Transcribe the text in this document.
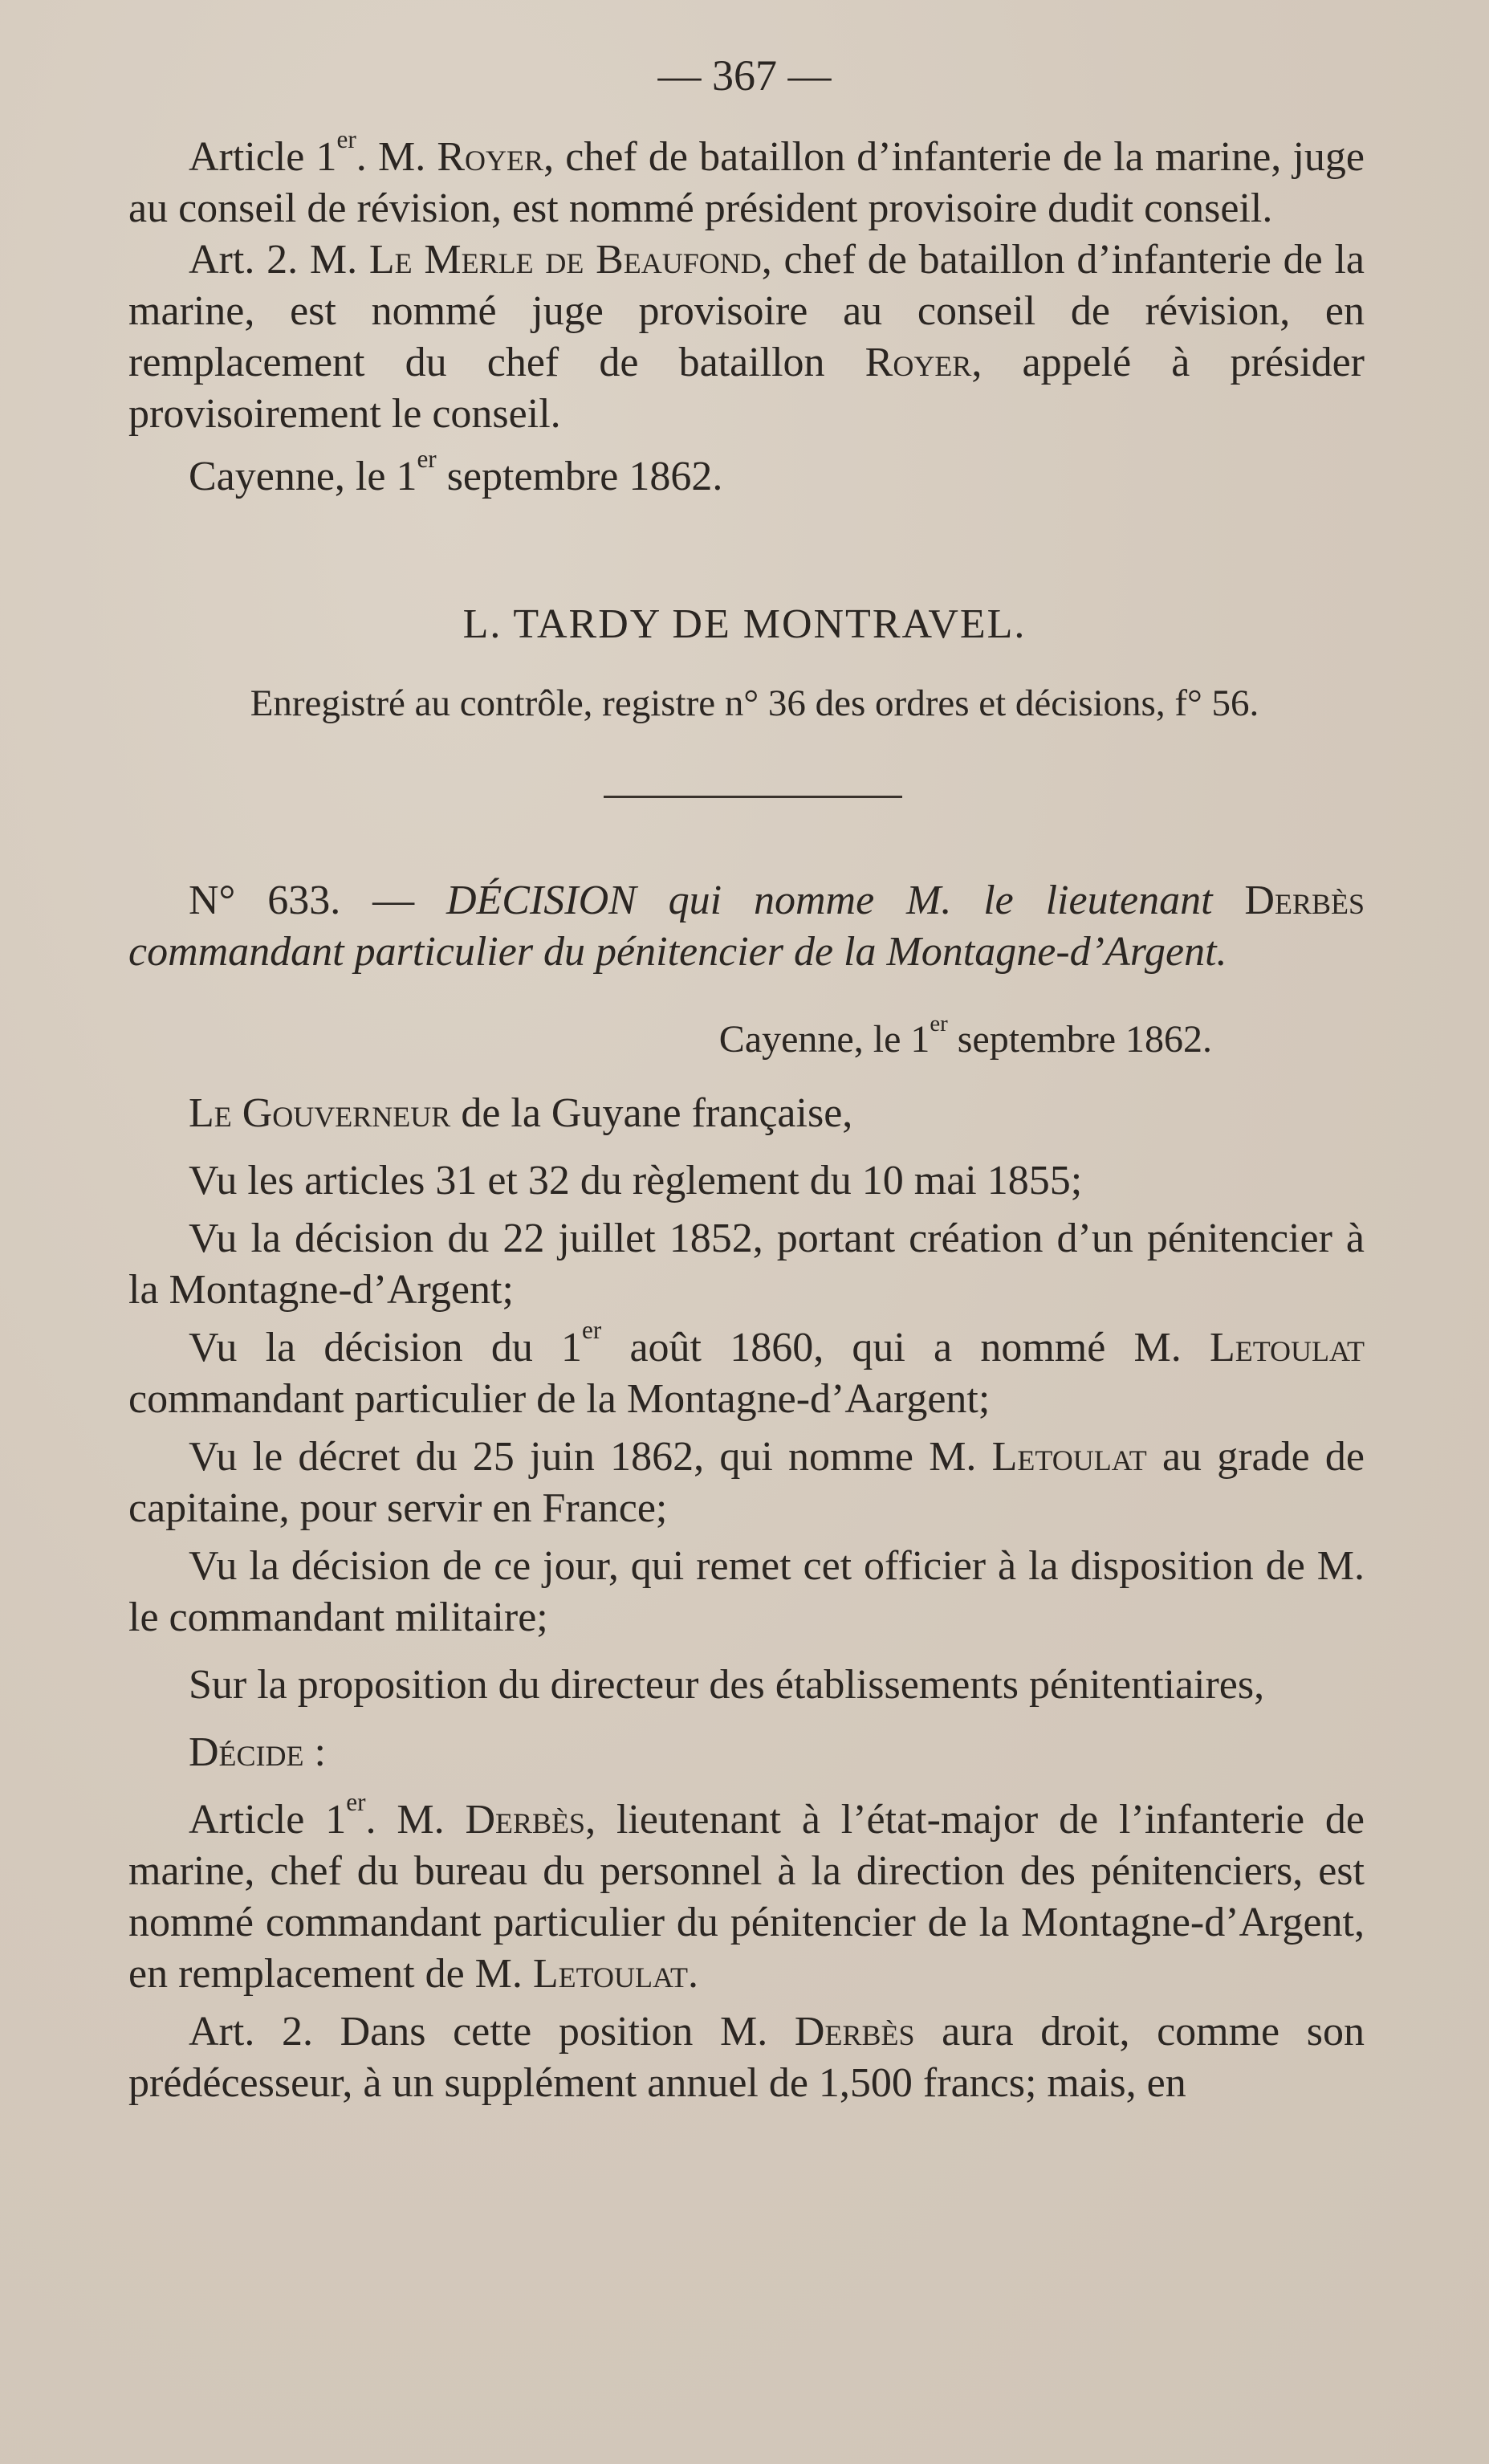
— 367 —

Article 1er. M. Royer, chef de bataillon d’infanterie de la marine, juge au conseil de révision, est nommé président provisoire dudit conseil.

Art. 2. M. Le Merle de Beaufond, chef de bataillon d’infanterie de la marine, est nommé juge provisoire au conseil de révision, en remplacement du chef de bataillon Royer, appelé à présider provisoirement le conseil.

Cayenne, le 1er septembre 1862.

L. TARDY DE MONTRAVEL.
Enregistré au contrôle, registre n° 36 des ordres et décisions, f° 56.

N° 633. — DÉCISION qui nomme M. le lieutenant Derbès commandant particulier du pénitencier de la Montagne-d’Argent.

Cayenne, le 1er septembre 1862.

Le Gouverneur de la Guyane française,

Vu les articles 31 et 32 du règlement du 10 mai 1855;

Vu la décision du 22 juillet 1852, portant création d’un pénitencier à la Montagne-d’Argent;

Vu la décision du 1er août 1860, qui a nommé M. Letoulat commandant particulier de la Montagne-d’Aargent;

Vu le décret du 25 juin 1862, qui nomme M. Letoulat au grade de capitaine, pour servir en France;

Vu la décision de ce jour, qui remet cet officier à la disposition de M. le commandant militaire;

Sur la proposition du directeur des établissements pénitentiaires,

Décide :

Article 1er. M. Derbès, lieutenant à l’état-major de l’infanterie de marine, chef du bureau du personnel à la direction des pénitenciers, est nommé commandant particulier du pénitencier de la Montagne-d’Argent, en remplacement de M. Letoulat.

Art. 2. Dans cette position M. Derbès aura droit, comme son prédécesseur, à un supplément annuel de 1,500 francs; mais, en
